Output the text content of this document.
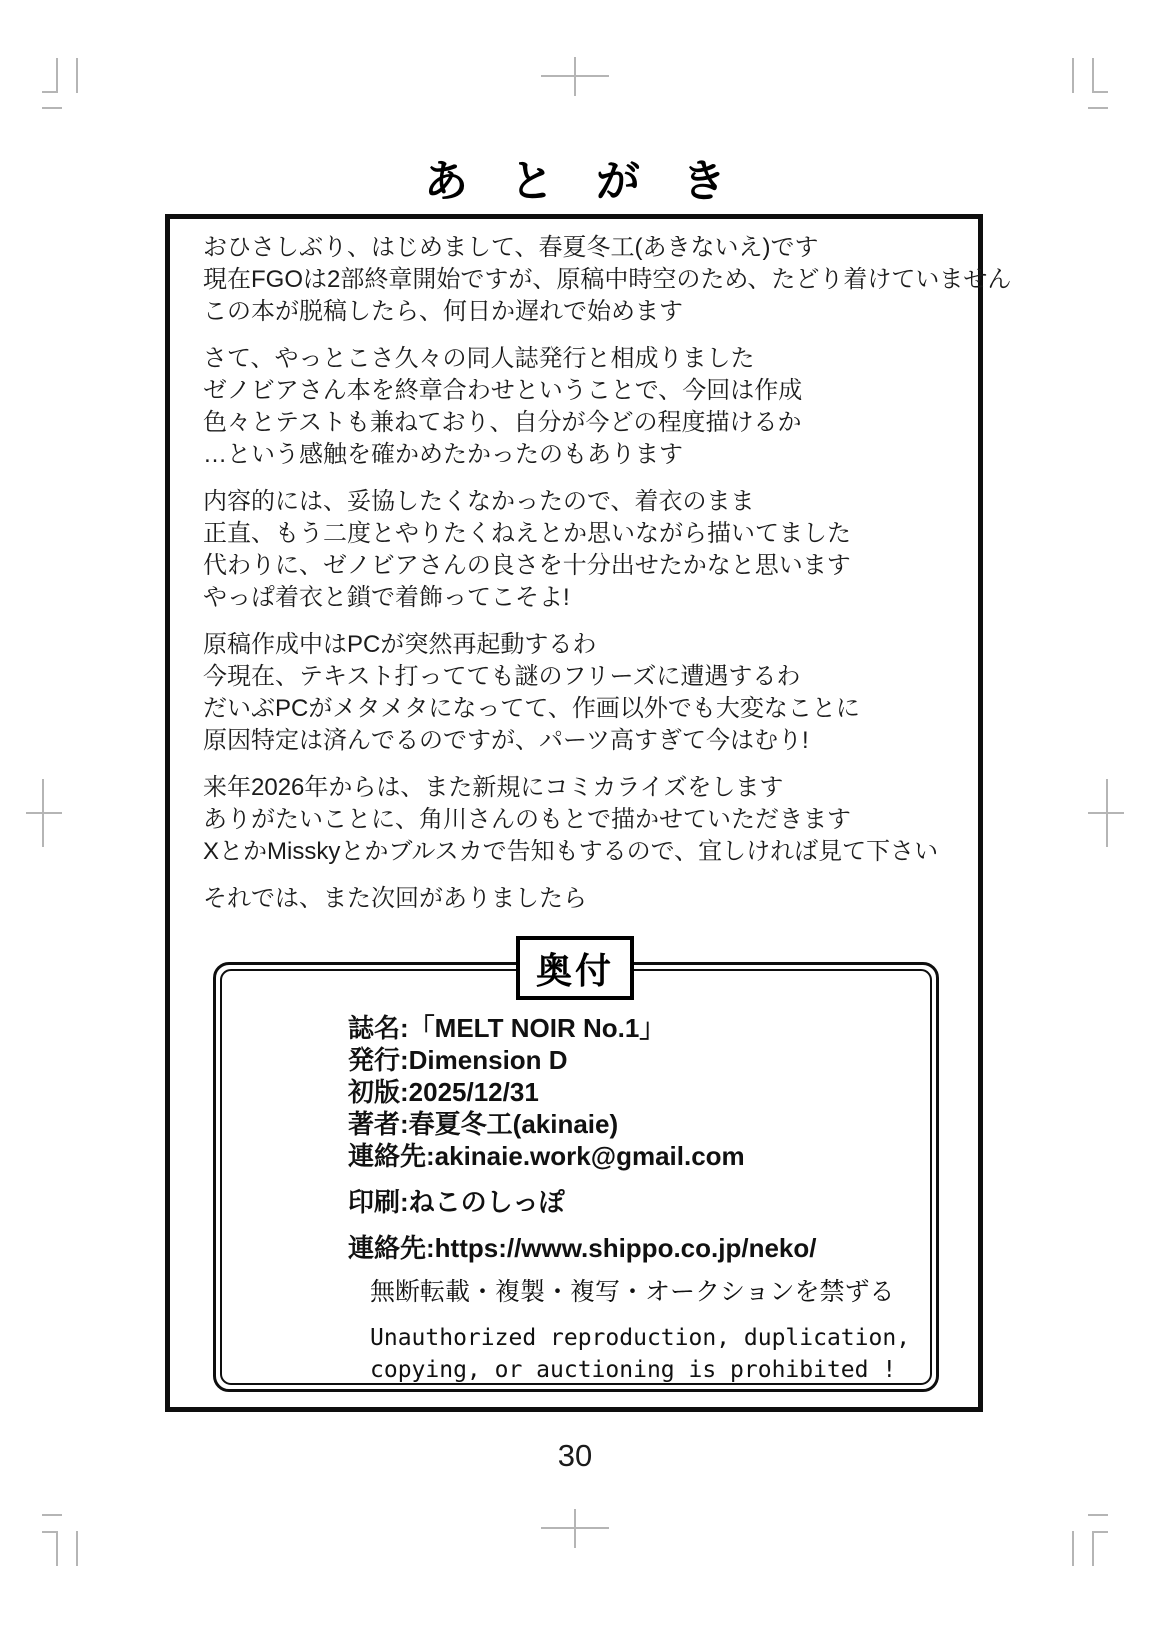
あとがき
おひさしぶり、はじめまして、春夏冬工(あきないえ)です
現在FGOは2部終章開始ですが、原稿中時空のため、たどり着けていません
この本が脱稿したら、何日か遅れで始めます
さて、やっとこさ久々の同人誌発行と相成りました
ゼノビアさん本を終章合わせということで、今回は作成
色々とテストも兼ねており、自分が今どの程度描けるか
…という感触を確かめたかったのもあります
内容的には、妥協したくなかったので、着衣のまま
正直、もう二度とやりたくねえとか思いながら描いてました
代わりに、ゼノビアさんの良さを十分出せたかなと思います
やっぱ着衣と鎖で着飾ってこそよ!
原稿作成中はPCが突然再起動するわ
今現在、テキスト打ってても謎のフリーズに遭遇するわ
だいぶPCがメタメタになってて、作画以外でも大変なことに
原因特定は済んでるのですが、パーツ高すぎて今はむり!
来年2026年からは、また新規にコミカライズをします
ありがたいことに、角川さんのもとで描かせていただきます
XとかMisskyとかブルスカで告知もするので、宜しければ見て下さい
それでは、また次回がありましたら
奥付
誌名:「MELT NOIR No.1」
発行:Dimension D
初版:2025/12/31
著者:春夏冬工(akinaie)
連絡先:akinaie.work@gmail.com
印刷:ねこのしっぽ
連絡先:https://www.shippo.co.jp/neko/
無断転載・複製・複写・オークションを禁ずる
Unauthorized reproduction, duplication,
copying, or auctioning is prohibited !
30
